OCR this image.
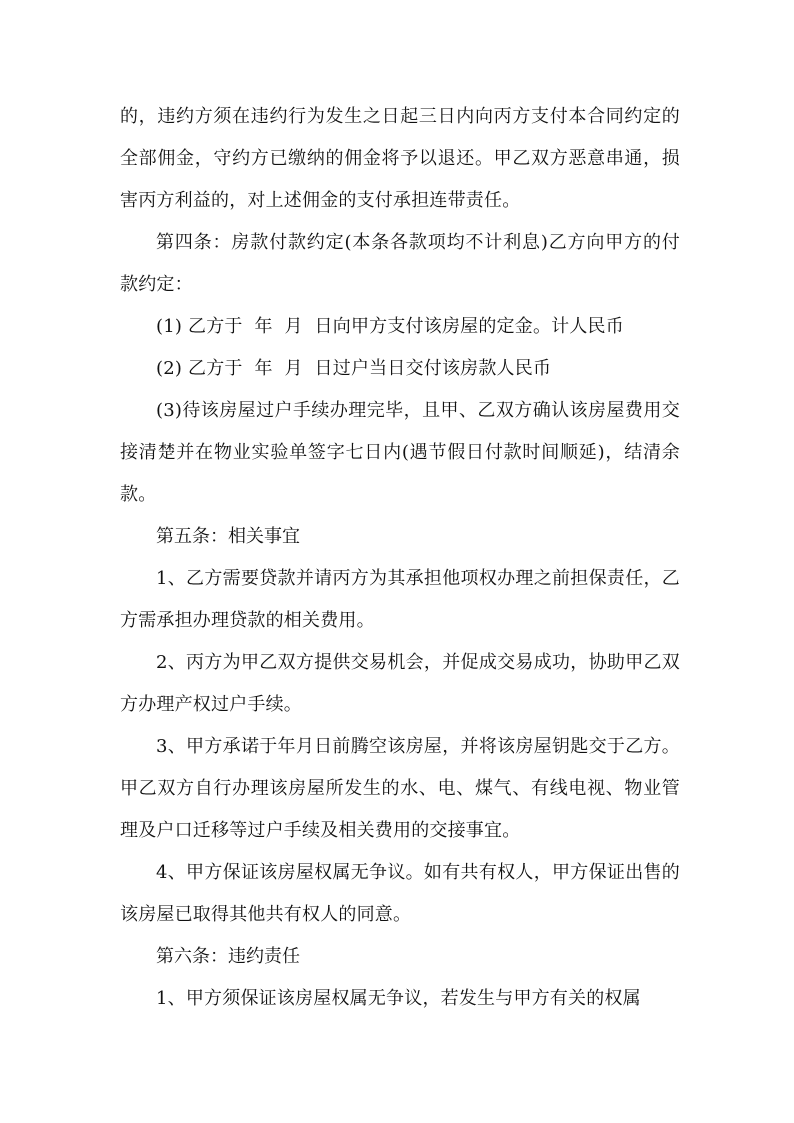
的，违约方须在违约行为发生之日起三日内向丙方支付本合同约定的全部佣金，守约方已缴纳的佣金将予以退还。甲乙双方恶意串通，损害丙方利益的，对上述佣金的支付承担连带责任。

第四条：房款付款约定(本条各款项均不计利息)乙方向甲方的付款约定：

(1) 乙方于  年  月  日向甲方支付该房屋的定金。计人民币

(2) 乙方于  年  月  日过户当日交付该房款人民币

(3)待该房屋过户手续办理完毕，且甲、乙双方确认该房屋费用交接清楚并在物业实验单签字七日内(遇节假日付款时间顺延)，结清余款。

第五条：相关事宜

1、乙方需要贷款并请丙方为其承担他项权办理之前担保责任，乙方需承担办理贷款的相关费用。

2、丙方为甲乙双方提供交易机会，并促成交易成功，协助甲乙双方办理产权过户手续。

3、甲方承诺于年月日前腾空该房屋，并将该房屋钥匙交于乙方。甲乙双方自行办理该房屋所发生的水、电、煤气、有线电视、物业管理及户口迁移等过户手续及相关费用的交接事宜。

4、甲方保证该房屋权属无争议。如有共有权人，甲方保证出售的该房屋已取得其他共有权人的同意。

第六条：违约责任

1、甲方须保证该房屋权属无争议，若发生与甲方有关的权属
